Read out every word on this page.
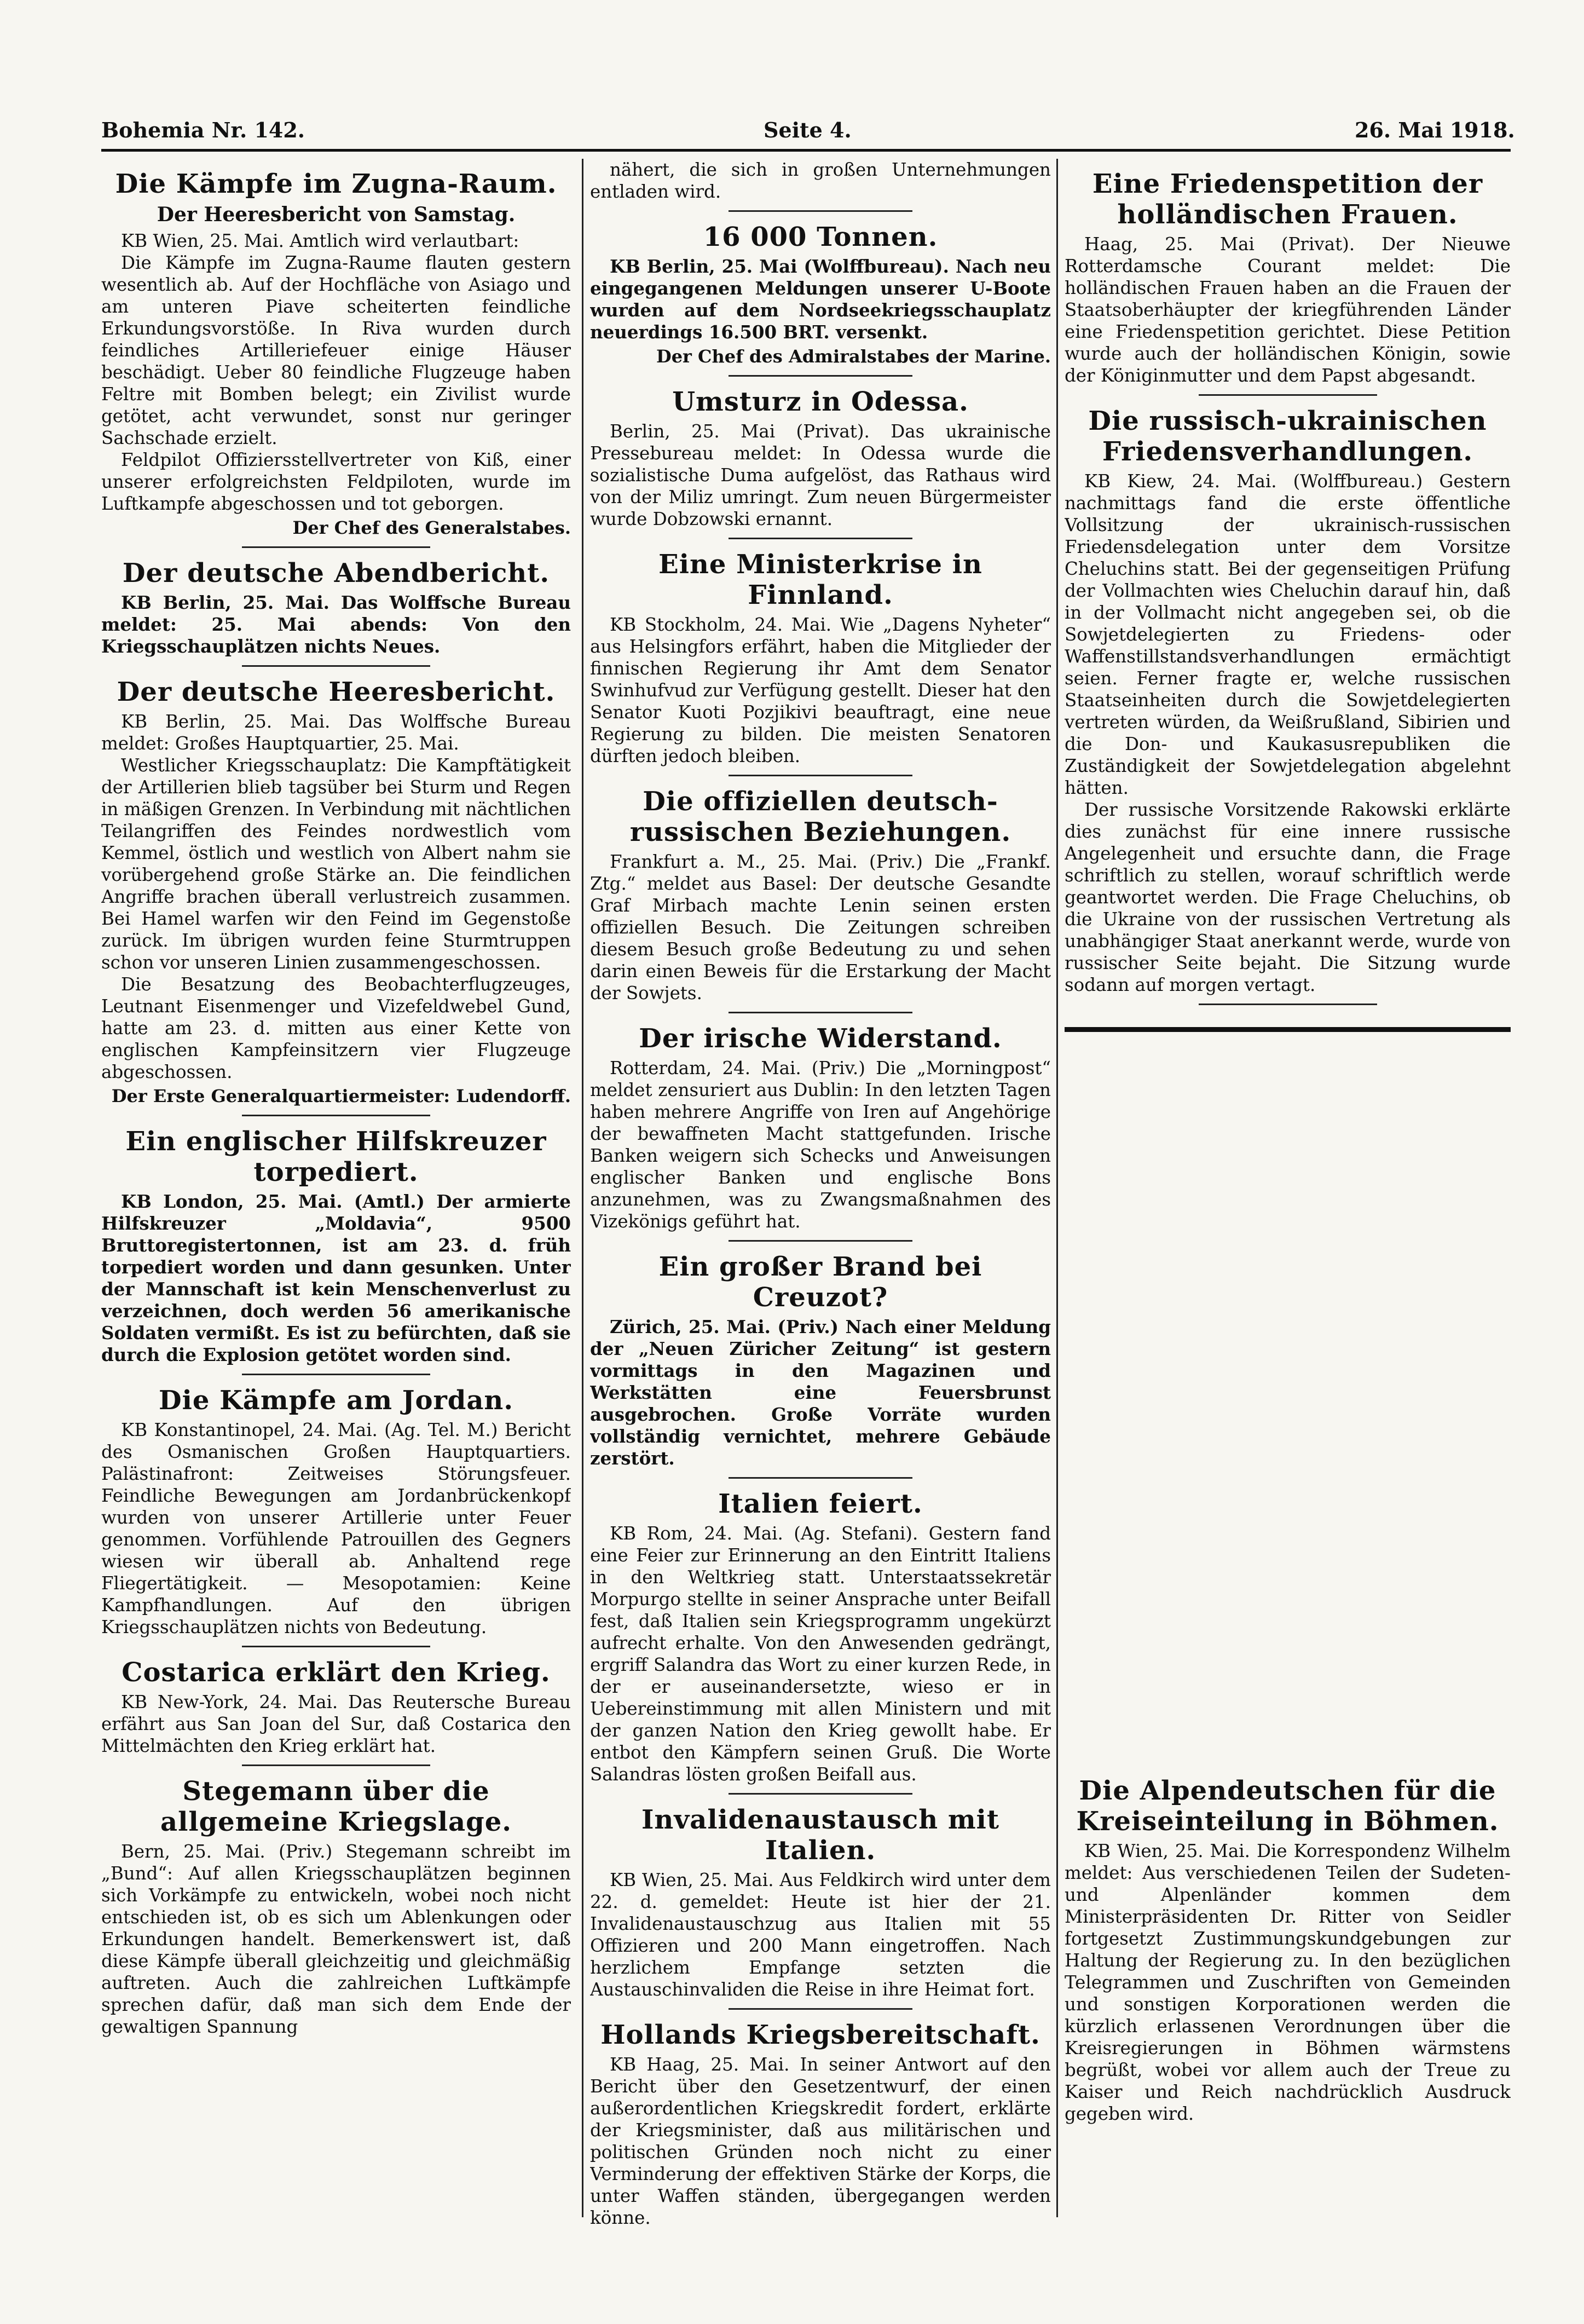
Bohemia Nr. 142.	Seite 4.	26. Mai 1918.
Die Kämpfe im Zugna-Raum.
Der Heeresbericht von Samstag.

KB Wien, 25. Mai. Amtlich wird verlautbart:

Die Kämpfe im Zugna-Raume flauten gestern wesentlich ab. Auf der Hochfläche von Asiago und am unteren Piave scheiterten feindliche Erkundungsvorstöße. In Riva wurden durch feindliches Artilleriefeuer einige Häuser beschädigt. Ueber 80 feindliche Flugzeuge haben Feltre mit Bomben belegt; ein Zivilist wurde getötet, acht verwundet, sonst nur geringer Sachschade erzielt.

Feldpilot Offiziersstellvertreter von Kiß, einer unserer erfolgreichsten Feldpiloten, wurde im Luftkampfe abgeschossen und tot geborgen.

Der Chef des Generalstabes.

Der deutsche Abendbericht.

KB Berlin, 25. Mai. Das Wolffsche Bureau meldet: 25. Mai abends: Von den Kriegsschauplätzen nichts Neues.

Der deutsche Heeresbericht.

KB Berlin, 25. Mai. Das Wolffsche Bureau meldet: Großes Hauptquartier, 25. Mai.

Westlicher Kriegsschauplatz: Die Kampftätigkeit der Artillerien blieb tagsüber bei Sturm und Regen in mäßigen Grenzen. In Verbindung mit nächtlichen Teilangriffen des Feindes nordwestlich vom Kemmel, östlich und westlich von Albert nahm sie vorübergehend große Stärke an. Die feindlichen Angriffe brachen überall verlustreich zusammen. Bei Hamel warfen wir den Feind im Gegenstoße zurück. Im übrigen wurden feine Sturmtruppen schon vor unseren Linien zusammengeschossen.

Die Besatzung des Beobachterflugzeuges, Leutnant Eisenmenger und Vizefeldwebel Gund, hatte am 23. d. mitten aus einer Kette von englischen Kampfeinsitzern vier Flugzeuge abgeschossen.

Der Erste Generalquartiermeister: Ludendorff.

Ein englischer Hilfskreuzer torpediert.

KB London, 25. Mai. (Amtl.) Der armierte Hilfskreuzer „Moldavia“, 9500 Bruttoregistertonnen, ist am 23. d. früh torpediert worden und dann gesunken. Unter der Mannschaft ist kein Menschenverlust zu verzeichnen, doch werden 56 amerikanische Soldaten vermißt. Es ist zu befürchten, daß sie durch die Explosion getötet worden sind.

Die Kämpfe am Jordan.

KB Konstantinopel, 24. Mai. (Ag. Tel. M.) Bericht des Osmanischen Großen Hauptquartiers. Palästinafront: Zeitweises Störungsfeuer. Feindliche Bewegungen am Jordanbrückenkopf wurden von unserer Artillerie unter Feuer genommen. Vorfühlende Patrouillen des Gegners wiesen wir überall ab. Anhaltend rege Fliegertätigkeit. — Mesopotamien: Keine Kampfhandlungen. Auf den übrigen Kriegsschauplätzen nichts von Bedeutung.

Costarica erklärt den Krieg.

KB New-York, 24. Mai. Das Reutersche Bureau erfährt aus San Joan del Sur, daß Costarica den Mittelmächten den Krieg erklärt hat.

Stegemann über die allgemeine Kriegslage.

Bern, 25. Mai. (Priv.) Stegemann schreibt im „Bund“: Auf allen Kriegsschauplätzen beginnen sich Vorkämpfe zu entwickeln, wobei noch nicht entschieden ist, ob es sich um Ablenkungen oder Erkundungen handelt. Bemerkenswert ist, daß diese Kämpfe überall gleichzeitig und gleichmäßig auftreten. Auch die zahlreichen Luftkämpfe sprechen dafür, daß man sich dem Ende der gewaltigen Spannung

nähert, die sich in großen Unternehmungen entladen wird.

16 000 Tonnen.

KB Berlin, 25. Mai (Wolffbureau). Nach neu eingegangenen Meldungen unserer U-Boote wurden auf dem Nordseekriegsschauplatz neuerdings 16.500 BRT. versenkt.

Der Chef des Admiralstabes der Marine.

Umsturz in Odessa.

Berlin, 25. Mai (Privat). Das ukrainische Pressebureau meldet: In Odessa wurde die sozialistische Duma aufgelöst, das Rathaus wird von der Miliz umringt. Zum neuen Bürgermeister wurde Dobzowski ernannt.

Eine Ministerkrise in Finnland.

KB Stockholm, 24. Mai. Wie „Dagens Nyheter“ aus Helsingfors erfährt, haben die Mitglieder der finnischen Regierung ihr Amt dem Senator Swinhufvud zur Verfügung gestellt. Dieser hat den Senator Kuoti Pozjikivi beauftragt, eine neue Regierung zu bilden. Die meisten Senatoren dürften jedoch bleiben.

Die offiziellen deutsch-russischen Beziehungen.

Frankfurt a. M., 25. Mai. (Priv.) Die „Frankf. Ztg.“ meldet aus Basel: Der deutsche Gesandte Graf Mirbach machte Lenin seinen ersten offiziellen Besuch. Die Zeitungen schreiben diesem Besuch große Bedeutung zu und sehen darin einen Beweis für die Erstarkung der Macht der Sowjets.

Der irische Widerstand.

Rotterdam, 24. Mai. (Priv.) Die „Morningpost“ meldet zensuriert aus Dublin: In den letzten Tagen haben mehrere Angriffe von Iren auf Angehörige der bewaffneten Macht stattgefunden. Irische Banken weigern sich Schecks und Anweisungen englischer Banken und englische Bons anzunehmen, was zu Zwangsmaßnahmen des Vizekönigs geführt hat.

Ein großer Brand bei Creuzot?

Zürich, 25. Mai. (Priv.) Nach einer Meldung der „Neuen Züricher Zeitung“ ist gestern vormittags in den Magazinen und Werkstätten eine Feuersbrunst ausgebrochen. Große Vorräte wurden vollständig vernichtet, mehrere Gebäude zerstört.

Italien feiert.

KB Rom, 24. Mai. (Ag. Stefani). Gestern fand eine Feier zur Erinnerung an den Eintritt Italiens in den Weltkrieg statt. Unterstaatssekretär Morpurgo stellte in seiner Ansprache unter Beifall fest, daß Italien sein Kriegsprogramm ungekürzt aufrecht erhalte. Von den Anwesenden gedrängt, ergriff Salandra das Wort zu einer kurzen Rede, in der er auseinandersetzte, wieso er in Uebereinstimmung mit allen Ministern und mit der ganzen Nation den Krieg gewollt habe. Er entbot den Kämpfern seinen Gruß. Die Worte Salandras lösten großen Beifall aus.

Invalidenaustausch mit Italien.

KB Wien, 25. Mai. Aus Feldkirch wird unter dem 22. d. gemeldet: Heute ist hier der 21. Invalidenaustauschzug aus Italien mit 55 Offizieren und 200 Mann eingetroffen. Nach herzlichem Empfange setzten die Austauschinvaliden die Reise in ihre Heimat fort.

Hollands Kriegsbereitschaft.

KB Haag, 25. Mai. In seiner Antwort auf den Bericht über den Gesetzentwurf, der einen außerordentlichen Kriegskredit fordert, erklärte der Kriegsminister, daß aus militärischen und politischen Gründen noch nicht zu einer Verminderung der effektiven Stärke der Korps, die unter Waffen ständen, übergegangen werden könne.

Eine Friedenspetition der holländischen Frauen.

Haag, 25. Mai (Privat). Der Nieuwe Rotterdamsche Courant meldet: Die holländischen Frauen haben an die Frauen der Staatsoberhäupter der kriegführenden Länder eine Friedenspetition gerichtet. Diese Petition wurde auch der holländischen Königin, sowie der Königinmutter und dem Papst abgesandt.

Die russisch-ukrainischen Friedensverhandlungen.

KB Kiew, 24. Mai. (Wolffbureau.) Gestern nachmittags fand die erste öffentliche Vollsitzung der ukrainisch-russischen Friedensdelegation unter dem Vorsitze Cheluchins statt. Bei der gegenseitigen Prüfung der Vollmachten wies Cheluchin darauf hin, daß in der Vollmacht nicht angegeben sei, ob die Sowjetdelegierten zu Friedens- oder Waffenstillstandsverhandlungen ermächtigt seien. Ferner fragte er, welche russischen Staatseinheiten durch die Sowjetdelegierten vertreten würden, da Weißrußland, Sibirien und die Don- und Kaukasusrepubliken die Zuständigkeit der Sowjetdelegation abgelehnt hätten.

Der russische Vorsitzende Rakowski erklärte dies zunächst für eine innere russische Angelegenheit und ersuchte dann, die Frage schriftlich zu stellen, worauf schriftlich werde geantwortet werden. Die Frage Cheluchins, ob die Ukraine von der russischen Vertretung als unabhängiger Staat anerkannt werde, wurde von russischer Seite bejaht. Die Sitzung wurde sodann auf morgen vertagt.

Die Alpendeutschen für die Kreiseinteilung in Böhmen.

KB Wien, 25. Mai. Die Korrespondenz Wilhelm meldet: Aus verschiedenen Teilen der Sudeten- und Alpenländer kommen dem Ministerpräsidenten Dr. Ritter von Seidler fortgesetzt Zustimmungskundgebungen zur Haltung der Regierung zu. In den bezüglichen Telegrammen und Zuschriften von Gemeinden und sonstigen Korporationen werden die kürzlich erlassenen Verordnungen über die Kreisregierungen in Böhmen wärmstens begrüßt, wobei vor allem auch der Treue zu Kaiser und Reich nachdrücklich Ausdruck gegeben wird.
